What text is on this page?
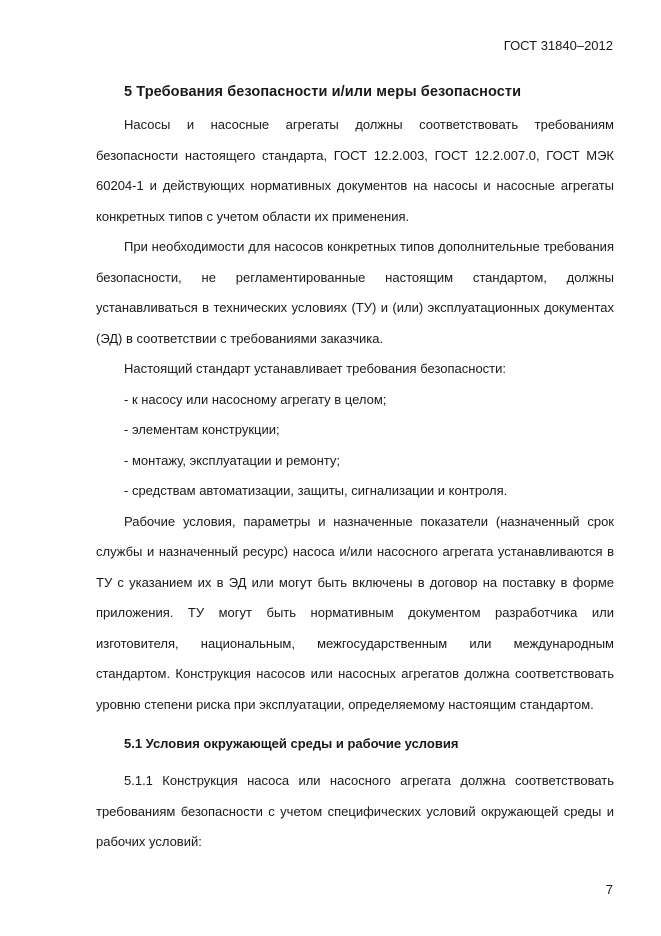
ГОСТ 31840–2012
5 Требования безопасности и/или меры безопасности

Насосы и насосные агрегаты должны соответствовать требованиям безопасности настоящего стандарта, ГОСТ 12.2.003, ГОСТ 12.2.007.0, ГОСТ МЭК 60204-1 и действующих нормативных документов на насосы и насосные агрегаты конкретных типов с учетом области их применения.

При необходимости для насосов конкретных типов дополнительные требования безопасности, не регламентированные настоящим стандартом, должны устанавливаться в технических условиях (ТУ) и (или) эксплуатационных документах (ЭД) в соответствии с требованиями заказчика.

Настоящий стандарт устанавливает требования безопасности:

- к насосу или насосному агрегату в целом;

- элементам конструкции;

- монтажу, эксплуатации и ремонту;

- средствам автоматизации, защиты, сигнализации и контроля.

Рабочие условия, параметры и назначенные показатели (назначенный срок службы и назначенный ресурс) насоса и/или насосного агрегата устанавливаются в ТУ с указанием их в ЭД или могут быть включены в договор на поставку в форме приложения. ТУ могут быть нормативным документом разработчика или изготовителя, национальным, межгосударственным или международным стандартом. Конструкция насосов или насосных агрегатов должна соответствовать уровню степени риска при эксплуатации, определяемому настоящим стандартом.

5.1 Условия окружающей среды и рабочие условия

5.1.1 Конструкция насоса или насосного агрегата должна соответствовать требованиям безопасности с учетом специфических условий окружающей среды и рабочих условий:

7
